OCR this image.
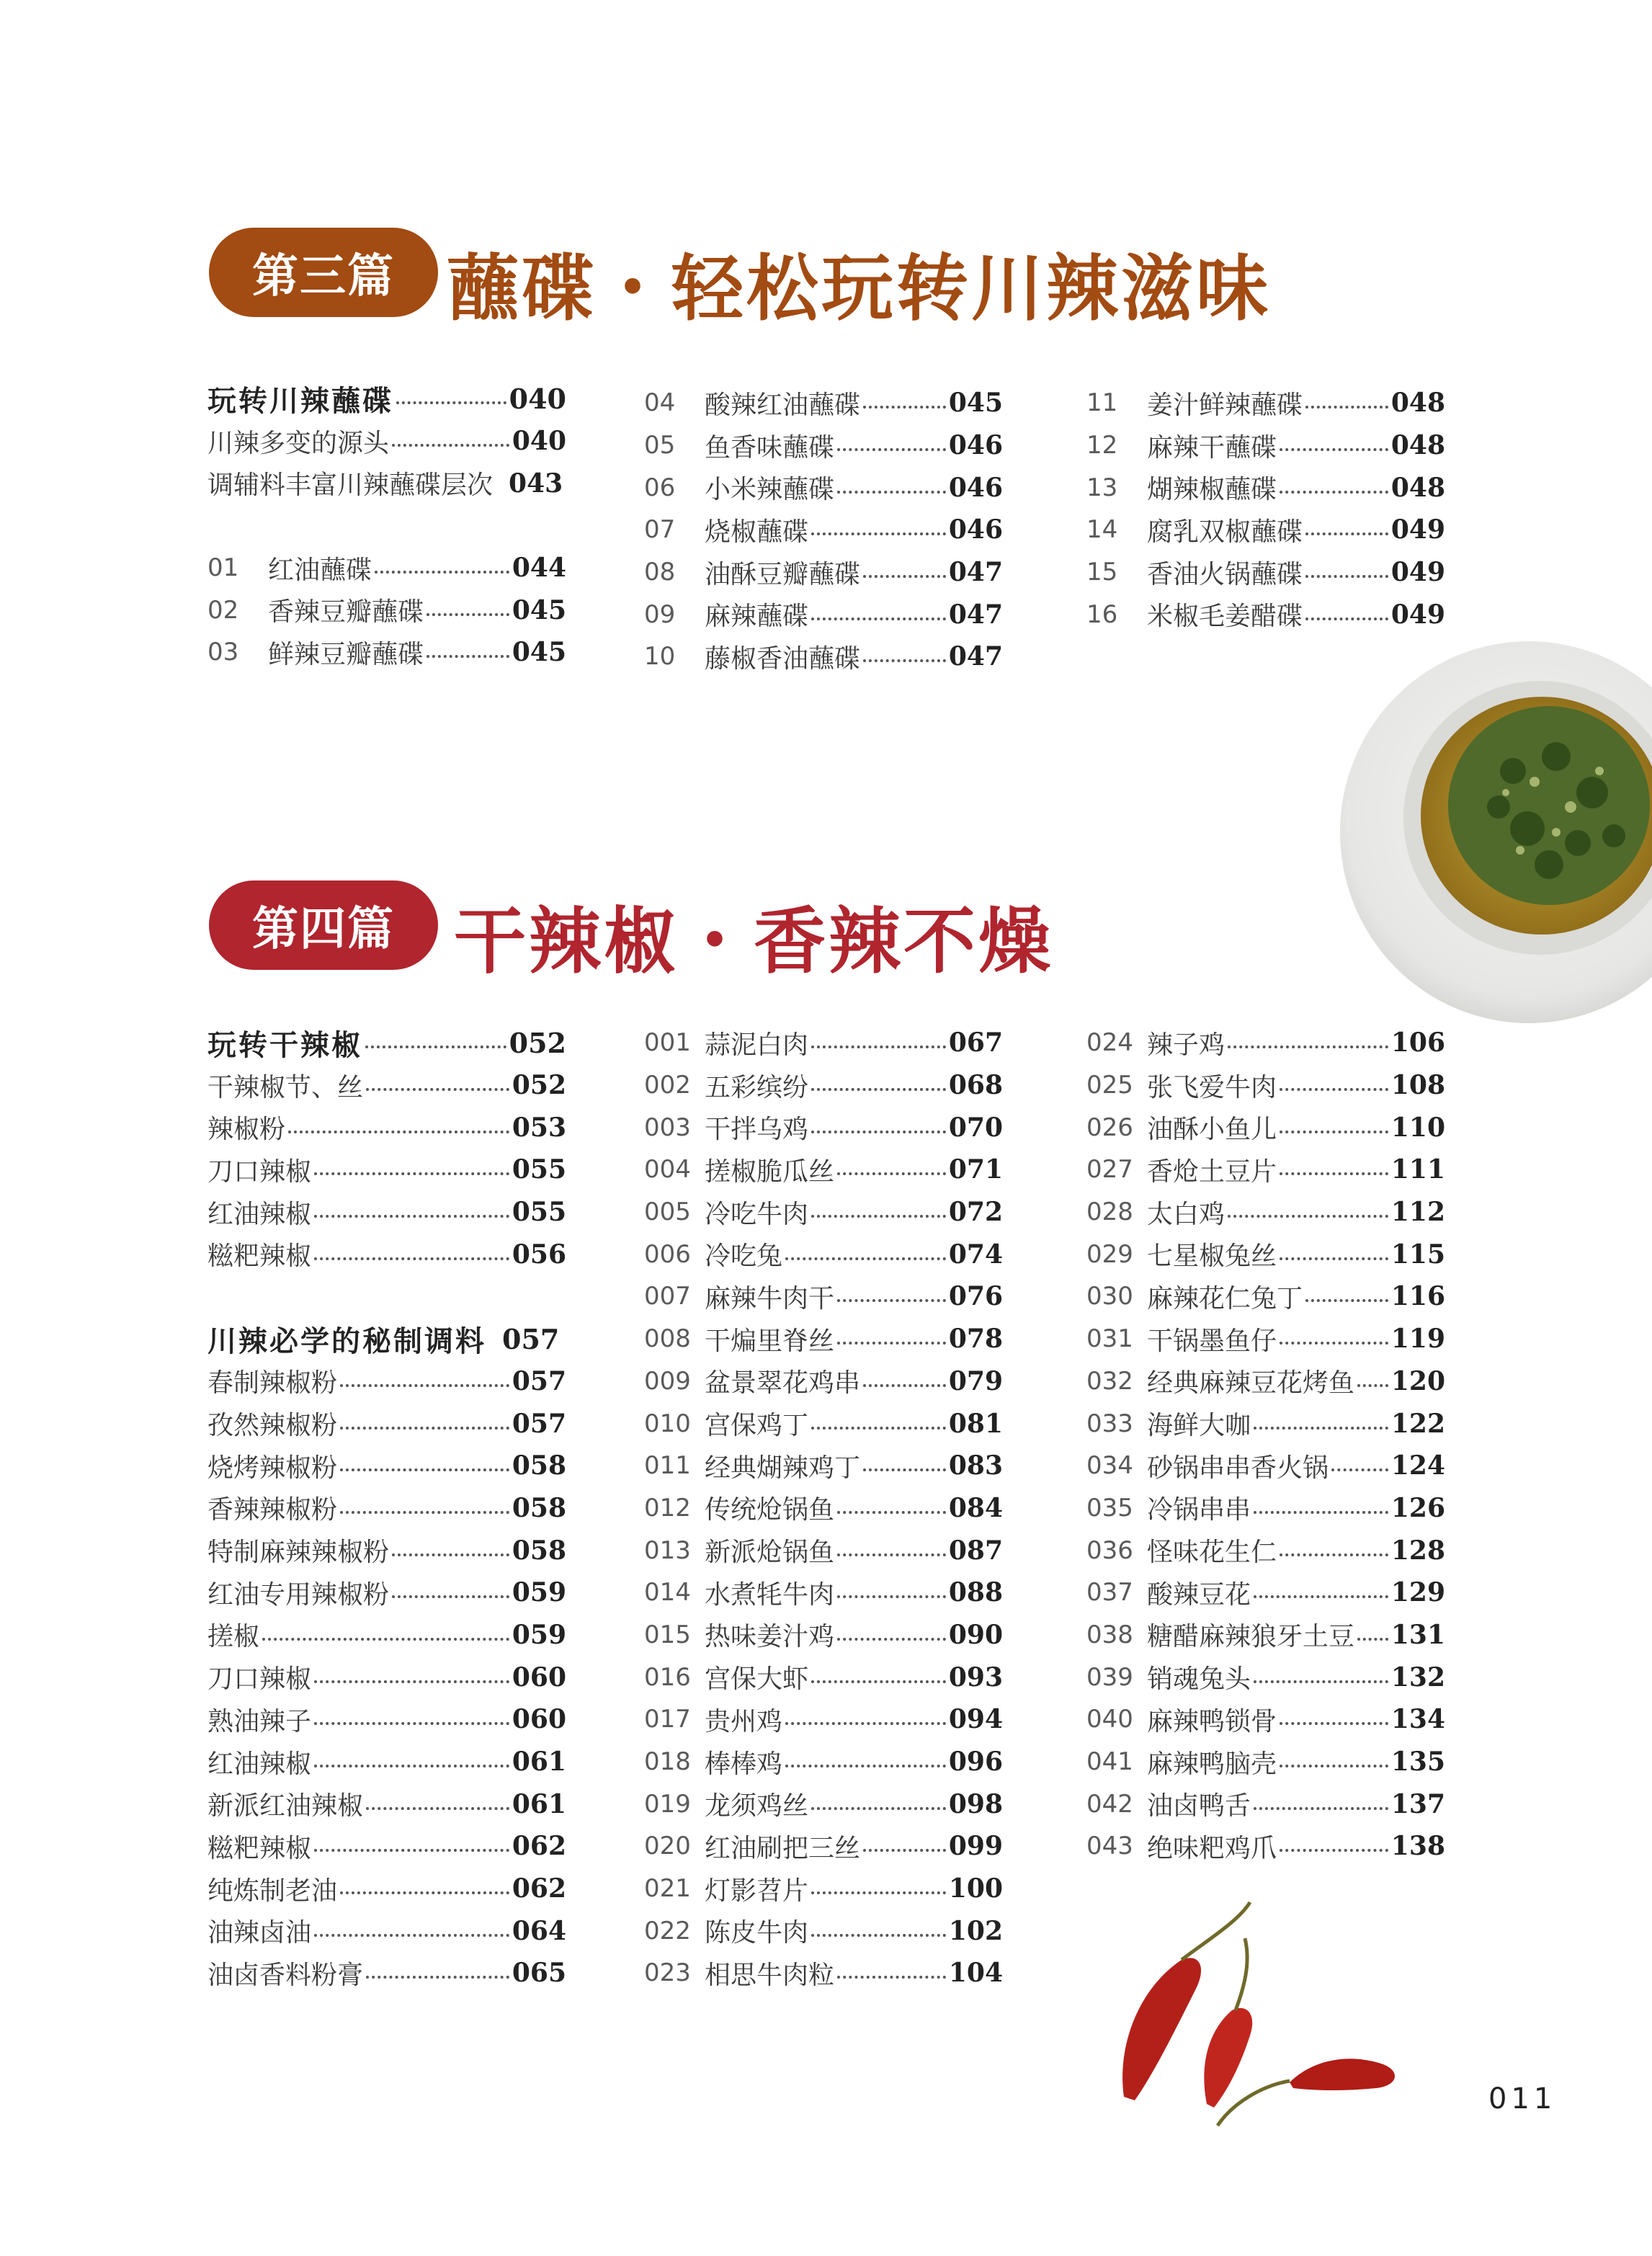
第三篇 蘸碟・轻松玩转川辣滋味
玩转川辣蘸碟	040
川辣多变的源头	040
调辅料丰富川辣蘸碟层次 043
01	红油蘸碟	044
02	香辣豆瓣蘸碟	045
03	鲜辣豆瓣蘸碟	045
04	酸辣红油蘸碟	045
05	鱼香味蘸碟	046
06	小米辣蘸碟	046
07	烧椒蘸碟	046
08	油酥豆瓣蘸碟	047
09	麻辣蘸碟	047
10	藤椒香油蘸碟	047
11	姜汁鲜辣蘸碟	048
12	麻辣干蘸碟	048
13	煳辣椒蘸碟	048
14	腐乳双椒蘸碟	049
15	香油火锅蘸碟	049
16	米椒毛姜醋碟	049
第四篇 干辣椒・香辣不燥
玩转干辣椒	052
干辣椒节、丝	052
辣椒粉	053
刀口辣椒	055
红油辣椒	055
糍粑辣椒	056
川辣必学的秘制调料 057
春制辣椒粉	057
孜然辣椒粉	057
烧烤辣椒粉	058
香辣辣椒粉	058
特制麻辣辣椒粉	058
红油专用辣椒粉	059
搓椒	059
刀口辣椒	060
熟油辣子	060
红油辣椒	061
新派红油辣椒	061
糍粑辣椒	062
纯炼制老油	062
油辣卤油	064
油卤香料粉膏	065
001 蒜泥白肉	067
002 五彩缤纷	068
003 干拌乌鸡	070
004 搓椒脆瓜丝	071
005 冷吃牛肉	072
006 冷吃兔	074
007 麻辣牛肉干	076
008 干煸里脊丝	078
009 盆景翠花鸡串	079
010 宫保鸡丁	081
011 经典煳辣鸡丁	083
012 传统炝锅鱼	084
013 新派炝锅鱼	087
014 水煮牦牛肉	088
015 热味姜汁鸡	090
016 宫保大虾	093
017 贵州鸡	094
018 棒棒鸡	096
019 龙须鸡丝	098
020 红油刷把三丝	099
021 灯影苕片	100
022 陈皮牛肉	102
023 相思牛肉粒	104
024 辣子鸡	106
025 张飞爱牛肉	108
026 油酥小鱼儿	110
027 香炝土豆片	111
028 太白鸡	112
029 七星椒兔丝	115
030 麻辣花仁兔丁	116
031 干锅墨鱼仔	119
032 经典麻辣豆花烤鱼 120
033 海鲜大咖	122
034 砂锅串串香火锅 124
035 冷锅串串	126
036 怪味花生仁	128
037 酸辣豆花	129
038 糖醋麻辣狼牙土豆 131
039 销魂兔头	132
040 麻辣鸭锁骨	134
041 麻辣鸭脑壳	135
042 油卤鸭舌	137
043 绝味粑鸡爪	138
011
